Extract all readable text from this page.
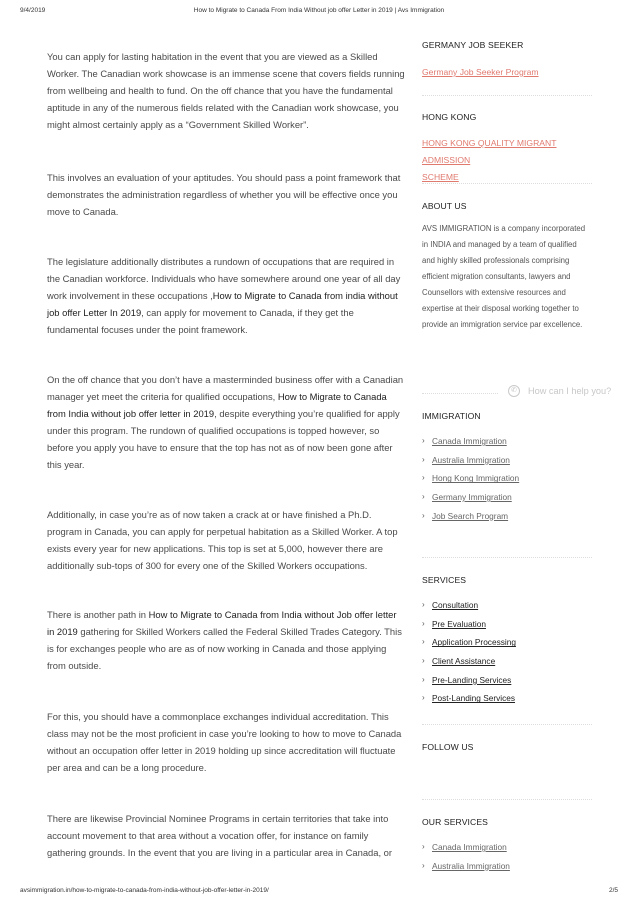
9/4/2019	How to Migrate to Canada From India Without job offer Letter in 2019 | Avs Immigration

You can apply for lasting habitation in the event that you are viewed as a Skilled Worker. The Canadian work showcase is an immense scene that covers fields running from wellbeing and health to fund. On the off chance that you have the fundamental aptitude in any of the numerous fields related with the Canadian work showcase, you might almost certainly apply as a “Government Skilled Worker”.

This involves an evaluation of your aptitudes. You should pass a point framework that demonstrates the administration regardless of whether you will be effective once you move to Canada.

The legislature additionally distributes a rundown of occupations that are required in the Canadian workforce. Individuals who have somewhere around one year of all day work involvement in these occupations ,How to Migrate to Canada from india without job offer Letter In 2019, can apply for movement to Canada, if they get the fundamental focuses under the point framework.

On the off chance that you don’t have a masterminded business offer with a Canadian manager yet meet the criteria for qualified occupations, How to Migrate to Canada from India without job offer letter in 2019, despite everything you’re qualified for apply under this program. The rundown of qualified occupations is topped however, so before you apply you have to ensure that the top has not as of now been gone after this year.

Additionally, in case you’re as of now taken a crack at or have finished a Ph.D. program in Canada, you can apply for perpetual habitation as a Skilled Worker. A top exists every year for new applications. This top is set at 5,000, however there are additionally sub-tops of 300 for every one of the Skilled Workers occupations.

There is another path in How to Migrate to Canada from India without Job offer letter in 2019 gathering for Skilled Workers called the Federal Skilled Trades Category. This is for exchanges people who are as of now working in Canada and those applying from outside.

For this, you should have a commonplace exchanges individual accreditation. This class may not be the most proficient in case you’re looking to how to move to Canada without an occupation offer letter in 2019 holding up since accreditation will fluctuate per area and can be a long procedure.

There are likewise Provincial Nominee Programs in certain territories that take into account movement to that area without a vocation offer, for instance on family gathering grounds. In the event that you are living in a particular area in Canada, or

GERMANY JOB SEEKER

Germany Job Seeker Program

HONG KONG

HONG KONG QUALITY MIGRANT ADMISSION
SCHEME

ABOUT US

AVS IMMIGRATION is a company incorporated in INDIA and managed by a team of qualified and highly skilled professionals comprising efficient migration consultants, lawyers and Counsellors with extensive resources and expertise at their disposal working together to provide an immigration service par excellence.
✆	How can I help you?

IMMIGRATION

› Canada Immigration
› Australia Immigration
› Hong Kong Immigration
› Germany Immigration
› Job Search Program

SERVICES

› Consultation
› Pre Evaluation
› Application Processing
› Client Assistance
› Pre-Landing Services
› Post-Landing Services

FOLLOW US

OUR SERVICES

› Canada Immigration
› Australia Immigration
avsimmigration.in/how-to-migrate-to-canada-from-india-without-job-offer-letter-in-2019/	2/5
